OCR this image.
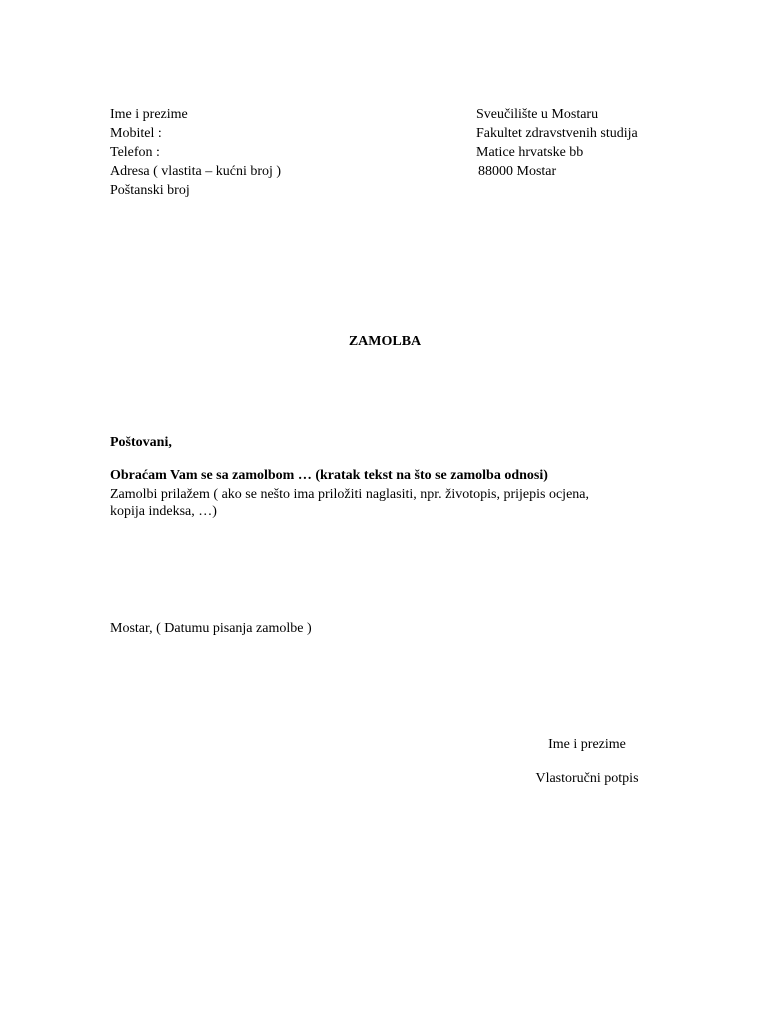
Ime i prezime
Mobitel :
Telefon :
Adresa ( vlastita – kućni broj )
Poštanski broj
Sveučilište u Mostaru
Fakultet zdravstvenih studija
Matice hrvatske bb
88000 Mostar
ZAMOLBA
Poštovani,
Obraćam Vam se sa zamolbom … (kratak tekst na što se zamolba odnosi)
Zamolbi prilažem ( ako se nešto ima priložiti naglasiti, npr. životopis, prijepis ocjena,
kopija indeksa, …)
Mostar, ( Datumu pisanja zamolbe )
Ime i prezime
Vlastoručni potpis
